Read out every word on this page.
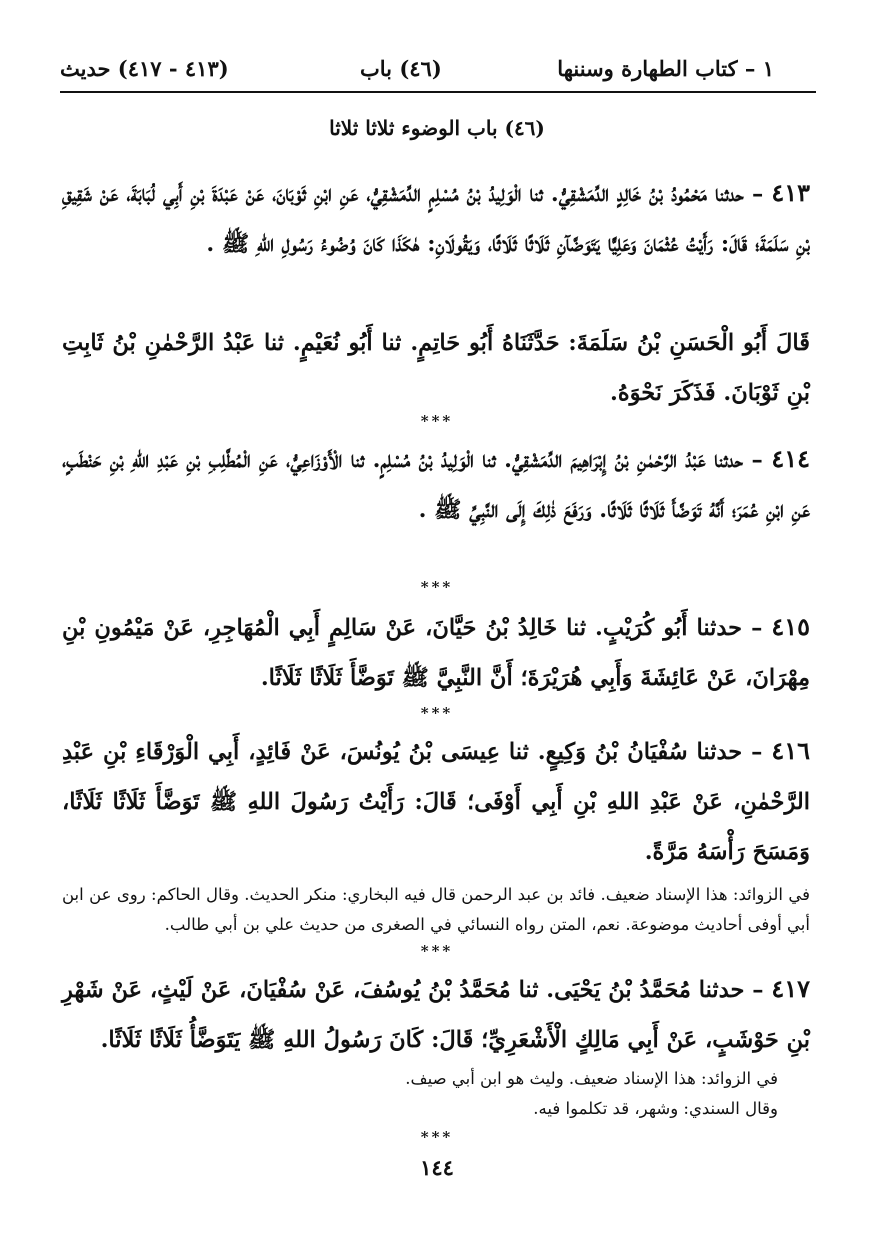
١ – كتاب الطهارة وسننها
(٤٦) باب
(٤١٣ - ٤١٧) حديث
(٤٦) باب الوضوء ثلاثا ثلاثا
٤١٣ – حدثنا مَحْمُودُ بْنُ خَالِدٍ الدِّمَشْقِيُّ. ثنا الْوَلِيدُ بْنُ مُسْلِمٍ الدِّمَشْقِيُّ، عَنِ ابْنِ ثَوْبَانَ، عَنْ عَبْدَةَ بْنِ أَبِي لُبَابَةَ، عَنْ شَقِيقِ بْنِ سَلَمَةَ؛ قَالَ: رَأَيْتُ عُثْمَانَ وَعَلِيًّا يَتَوَضَّآنِ ثَلَاثًا ثَلَاثًا، وَيَقُولَانِ: هٰكَذَا كَانَ وُضُوءُ رَسُولِ اللهِ ﷺ .
قَالَ أَبُو الْحَسَنِ بْنُ سَلَمَةَ: حَدَّثَنَاهُ أَبُو حَاتِمٍ. ثنا أَبُو نُعَيْمٍ. ثنا عَبْدُ الرَّحْمٰنِ بْنُ ثَابِتِ بْنِ ثَوْبَانَ. فَذَكَرَ نَحْوَهُ.
***
٤١٤ – حدثنا عَبْدُ الرَّحْمٰنِ بْنُ إِبْرَاهِيمَ الدِّمَشْقِيُّ. ثنا الْوَلِيدُ بْنُ مُسْلِمٍ. ثنا الْأَوْزَاعِيُّ، عَنِ الْمُطَّلِبِ بْنِ عَبْدِ اللهِ بْنِ حَنْطَبٍ، عَنِ ابْنِ عُمَرَ؛ أَنَّهُ تَوَضَّأَ ثَلَاثًا ثَلَاثًا. وَرَفَعَ ذٰلِكَ إِلَى النَّبِيِّ ﷺ .
***
٤١٥ – حدثنا أَبُو كُرَيْبٍ. ثنا خَالِدُ بْنُ حَيَّانَ، عَنْ سَالِمٍ أَبِي الْمُهَاجِرِ، عَنْ مَيْمُونِ بْنِ مِهْرَانَ، عَنْ عَائِشَةَ وَأَبِي هُرَيْرَةَ؛ أَنَّ النَّبِيَّ ﷺ تَوَضَّأَ ثَلَاثًا ثَلَاثًا.
***
٤١٦ – حدثنا سُفْيَانُ بْنُ وَكِيعٍ. ثنا عِيسَى بْنُ يُونُسَ، عَنْ فَائِدٍ، أَبِي الْوَرْقَاءِ بْنِ عَبْدِ الرَّحْمٰنِ، عَنْ عَبْدِ اللهِ بْنِ أَبِي أَوْفَى؛ قَالَ: رَأَيْتُ رَسُولَ اللهِ ﷺ تَوَضَّأَ ثَلَاثًا ثَلَاثًا، وَمَسَحَ رَأْسَهُ مَرَّةً.
في الزوائد: هذا الإسناد ضعيف. فائد بن عبد الرحمن قال فيه البخاري: منكر الحديث. وقال الحاكم: روى عن ابن أبي أوفى أحاديث موضوعة. نعم، المتن رواه النسائي في الصغرى من حديث علي بن أبي طالب.
***
٤١٧ – حدثنا مُحَمَّدُ بْنُ يَحْيَى. ثنا مُحَمَّدُ بْنُ يُوسُفَ، عَنْ سُفْيَانَ، عَنْ لَيْثٍ، عَنْ شَهْرِ بْنِ حَوْشَبٍ، عَنْ أَبِي مَالِكٍ الْأَشْعَرِيِّ؛ قَالَ: كَانَ رَسُولُ اللهِ ﷺ يَتَوَضَّأُ ثَلَاثًا ثَلَاثًا.
في الزوائد: هذا الإسناد ضعيف. وليث هو ابن أبي صيف.
وقال السندي: وشهر، قد تكلموا فيه.
***
١٤٤
